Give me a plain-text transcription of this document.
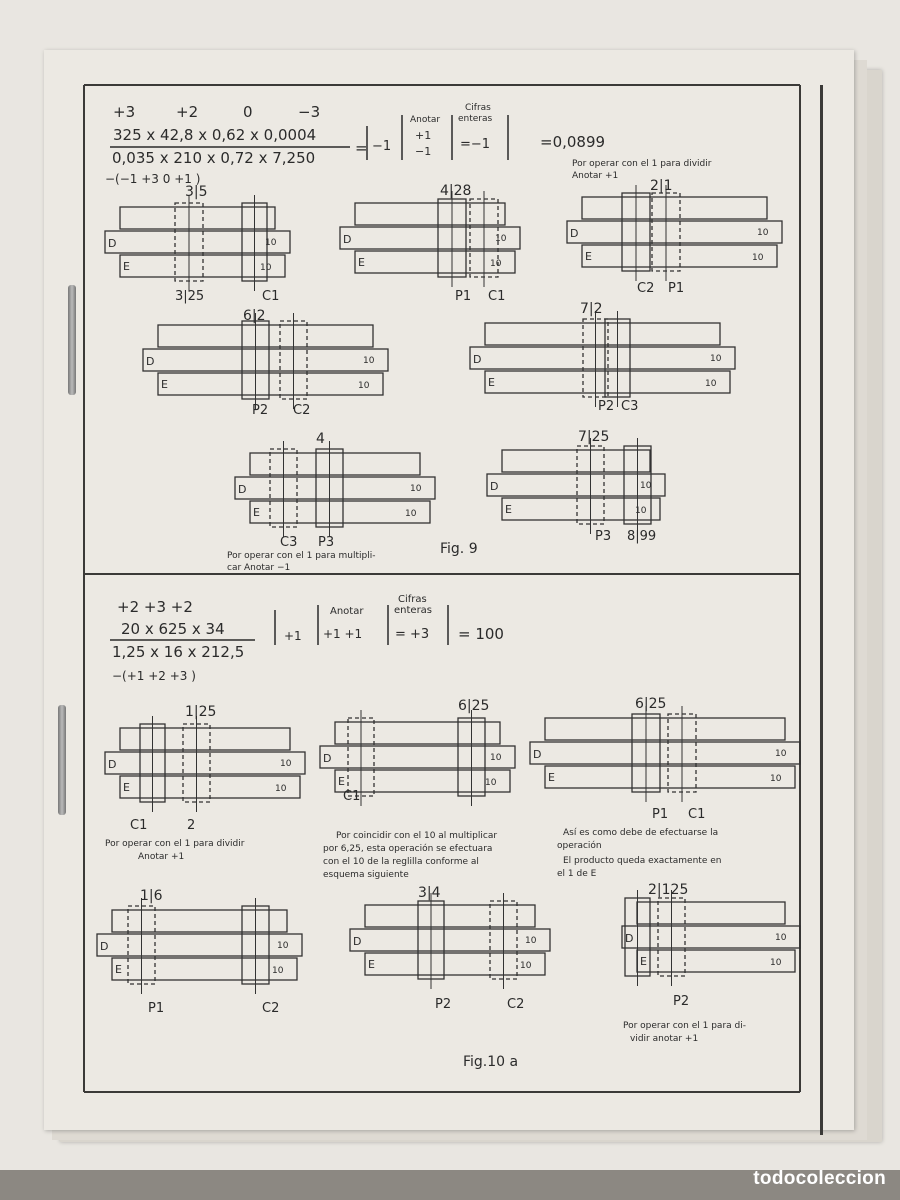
+3	+2	0	−3
325 x 42,8 x 0,62 x 0,0004
0,035 x 210 x 0,72 x 7,250
−(−1 +3 0 +1 )
= −1
Anotar
+1
−1
Cifras
enteras
=−1	=0,0899
Por operar con el 1 para dividir
Anotar +1
D
E
10
10
3|5
3|25	C1
D
E
10
10
4|28
P1 C1
D
E
10
10
2|1
C2 P1
D
E
10
10
6|2
P2 C2
D
E
10
10
7|2
P2 C3
D
E
10
10
4
C3 P3
D
E
10
10
7|25
P3 8|99
D
E
10
10
1|25
C1	2
D
E
10
10
6|25
C1
D
E
10
10
6|25
P1 C1
D
E
10
10
1|6
P1	C2
D
E
10
10
3|4
P2	C2
D
E
10
10
2|125
P2
Por operar con el 1 para multipli-
car Anotar −1
Fig. 9
+2 +3 +2
20 x 625 x 34
1,25 x 16 x 212,5
−(+1 +2 +3 )
+1
Anotar
+1 +1
Cifras
enteras
= +3 = 100
Por operar con el 1 para dividir
Anotar +1
Por coincidir con el 10 al multiplicar
por 6,25, esta operación se efectuara
con el 10 de la reglilla conforme al
esquema siguiente
Así es como debe de efectuarse la
operación
El producto queda exactamente en
el 1 de E
Por operar con el 1 para di-
vidir anotar +1
Fig.10 a
todocoleccion
